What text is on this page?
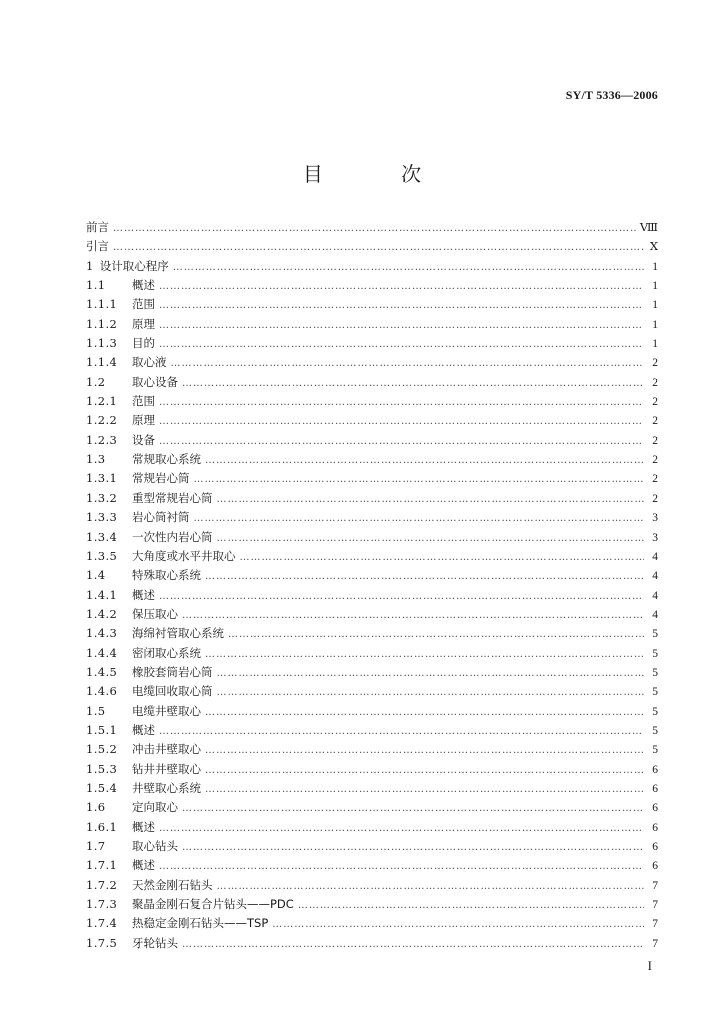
SY/T 5336—2006
目 次
前言 …………………………………………………………………………………………………………………………………………………………………………………………………………………………………………	Ⅷ
引言 …………………………………………………………………………………………………………………………………………………………………………………………………………………………………………	Ⅹ
1 设计取心程序 …………………………………………………………………………………………………………………………………………………………………………………………………………………………………………	1
1.1	概述 …………………………………………………………………………………………………………………………………………………………………………………………………………………………………………	1
1.1.1	范围 …………………………………………………………………………………………………………………………………………………………………………………………………………………………………………	1
1.1.2	原理 …………………………………………………………………………………………………………………………………………………………………………………………………………………………………………	1
1.1.3	目的 …………………………………………………………………………………………………………………………………………………………………………………………………………………………………………	1
1.1.4	取心液 …………………………………………………………………………………………………………………………………………………………………………………………………………………………………………	2
1.2	取心设备 …………………………………………………………………………………………………………………………………………………………………………………………………………………………………………	2
1.2.1	范围 …………………………………………………………………………………………………………………………………………………………………………………………………………………………………………	2
1.2.2	原理 …………………………………………………………………………………………………………………………………………………………………………………………………………………………………………	2
1.2.3	设备 …………………………………………………………………………………………………………………………………………………………………………………………………………………………………………	2
1.3	常规取心系统 …………………………………………………………………………………………………………………………………………………………………………………………………………………………………………	2
1.3.1	常规岩心筒 …………………………………………………………………………………………………………………………………………………………………………………………………………………………………………	2
1.3.2	重型常规岩心筒 …………………………………………………………………………………………………………………………………………………………………………………………………………………………………………	2
1.3.3	岩心筒衬筒 …………………………………………………………………………………………………………………………………………………………………………………………………………………………………………	3
1.3.4	一次性内岩心筒 …………………………………………………………………………………………………………………………………………………………………………………………………………………………………………	3
1.3.5	大角度或水平井取心 …………………………………………………………………………………………………………………………………………………………………………………………………………………………………………	4
1.4	特殊取心系统 …………………………………………………………………………………………………………………………………………………………………………………………………………………………………………	4
1.4.1	概述 …………………………………………………………………………………………………………………………………………………………………………………………………………………………………………	4
1.4.2	保压取心 …………………………………………………………………………………………………………………………………………………………………………………………………………………………………………	4
1.4.3	海绵衬管取心系统 …………………………………………………………………………………………………………………………………………………………………………………………………………………………………………	5
1.4.4	密闭取心系统 …………………………………………………………………………………………………………………………………………………………………………………………………………………………………………	5
1.4.5	橡胶套筒岩心筒 …………………………………………………………………………………………………………………………………………………………………………………………………………………………………………	5
1.4.6	电缆回收取心筒 …………………………………………………………………………………………………………………………………………………………………………………………………………………………………………	5
1.5	电缆井壁取心 …………………………………………………………………………………………………………………………………………………………………………………………………………………………………………	5
1.5.1	概述 …………………………………………………………………………………………………………………………………………………………………………………………………………………………………………	5
1.5.2	冲击井壁取心 …………………………………………………………………………………………………………………………………………………………………………………………………………………………………………	5
1.5.3	钻井井壁取心 …………………………………………………………………………………………………………………………………………………………………………………………………………………………………………	6
1.5.4	井壁取心系统 …………………………………………………………………………………………………………………………………………………………………………………………………………………………………………	6
1.6	定向取心 …………………………………………………………………………………………………………………………………………………………………………………………………………………………………………	6
1.6.1	概述 …………………………………………………………………………………………………………………………………………………………………………………………………………………………………………	6
1.7	取心钻头 …………………………………………………………………………………………………………………………………………………………………………………………………………………………………………	6
1.7.1	概述 …………………………………………………………………………………………………………………………………………………………………………………………………………………………………………	6
1.7.2	天然金刚石钻头 …………………………………………………………………………………………………………………………………………………………………………………………………………………………………………	7
1.7.3	聚晶金刚石复合片钻头——PDC …………………………………………………………………………………………………………………………………………………………………………………………………………………………………………	7
1.7.4	热稳定金刚石钻头——TSP …………………………………………………………………………………………………………………………………………………………………………………………………………………………………………	7
1.7.5	牙轮钻头 …………………………………………………………………………………………………………………………………………………………………………………………………………………………………………	7
I
